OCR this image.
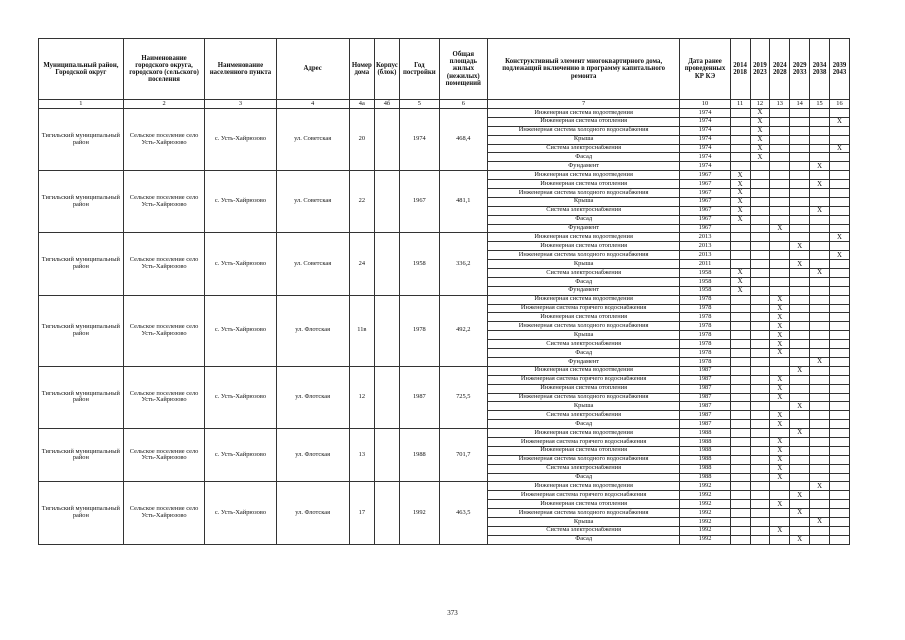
Муниципальный район, Городской округ	Наименование городского округа, городского (сельского) поселения	Наименование населенного пункта	Адрес	Номер дома	Корпус (блок)	Год постройки	Общая площадь жилых (нежилых) помещений	Конструктивный элемент многоквартирного дома, подлежащий включению в программу капитального ремонта	Дата ранее проведенных КР КЭ	2014 2018	2019 2023	2024 2028	2029 2033	2034 2038	2039 2043
1	2	3	4	4а	4б	5	6	7	10	11	12	13	14	15	16
Тигильский муниципальный район	Сельское поселение село Усть-Хайрюзово	с. Усть-Хайрюзово	ул. Советская	20		1974	468,4	Инженерная система водоотведения	1974		X				
								Инженерная система отопления	1974		X				X
								Инженерная система холодного водоснабжения	1974		X				
								Крыша	1974		X				
								Система электроснабжения	1974		X				X
								Фасад	1974		X				
								Фундамент	1974					X	
Тигильский муниципальный район	Сельское поселение село Усть-Хайрюзово	с. Усть-Хайрюзово	ул. Советская	22		1967	481,1	Инженерная система водоотведения	1967	X					
								Инженерная система отопления	1967	X				X	
								Инженерная система холодного водоснабжения	1967	X					
								Крыша	1967	X					
								Система электроснабжения	1967	X				X	
								Фасад	1967	X					
								Фундамент	1967			X			
Тигильский муниципальный район	Сельское поселение село Усть-Хайрюзово	с. Усть-Хайрюзово	ул. Советская	24		1958	336,2	Инженерная система водоотведения	2013						X
								Инженерная система отопления	2013				X		
								Инженерная система холодного водоснабжения	2013						X
								Крыша	2011				X		
								Система электроснабжения	1958	X				X	
								Фасад	1958	X					
								Фундамент	1958	X					
Тигильский муниципальный район	Сельское поселение село Усть-Хайрюзово	с. Усть-Хайрюзово	ул. Флотская	11в		1978	492,2	Инженерная система водоотведения	1978			X			
								Инженерная система горячего водоснабжения	1978			X			
								Инженерная система отопления	1978			X			
								Инженерная система холодного водоснабжения	1978			X			
								Крыша	1978			X			
								Система электроснабжения	1978			X			
								Фасад	1978			X			
								Фундамент	1978					X	
Тигильский муниципальный район	Сельское поселение село Усть-Хайрюзово	с. Усть-Хайрюзово	ул. Флотская	12		1987	725,5	Инженерная система водоотведения	1987				X		
								Инженерная система горячего водоснабжения	1987			X			
								Инженерная система отопления	1987			X			
								Инженерная система холодного водоснабжения	1987			X			
								Крыша	1987				X		
								Система электроснабжения	1987			X			
								Фасад	1987			X			
Тигильский муниципальный район	Сельское поселение село Усть-Хайрюзово	с. Усть-Хайрюзово	ул. Флотская	13		1988	701,7	Инженерная система водоотведения	1988				X		
								Инженерная система горячего водоснабжения	1988			X			
								Инженерная система отопления	1988			X			
								Инженерная система холодного водоснабжения	1988			X			
								Система электроснабжения	1988			X			
								Фасад	1988			X			
Тигильский муниципальный район	Сельское поселение село Усть-Хайрюзово	с. Усть-Хайрюзово	ул. Флотская	17		1992	463,5	Инженерная система водоотведения	1992					X	
								Инженерная система горячего водоснабжения	1992				X		
								Инженерная система отопления	1992			X			
								Инженерная система холодного водоснабжения	1992				X		
								Крыша	1992					X	
								Система электроснабжения	1992			X			
								Фасад	1992				X		
373
